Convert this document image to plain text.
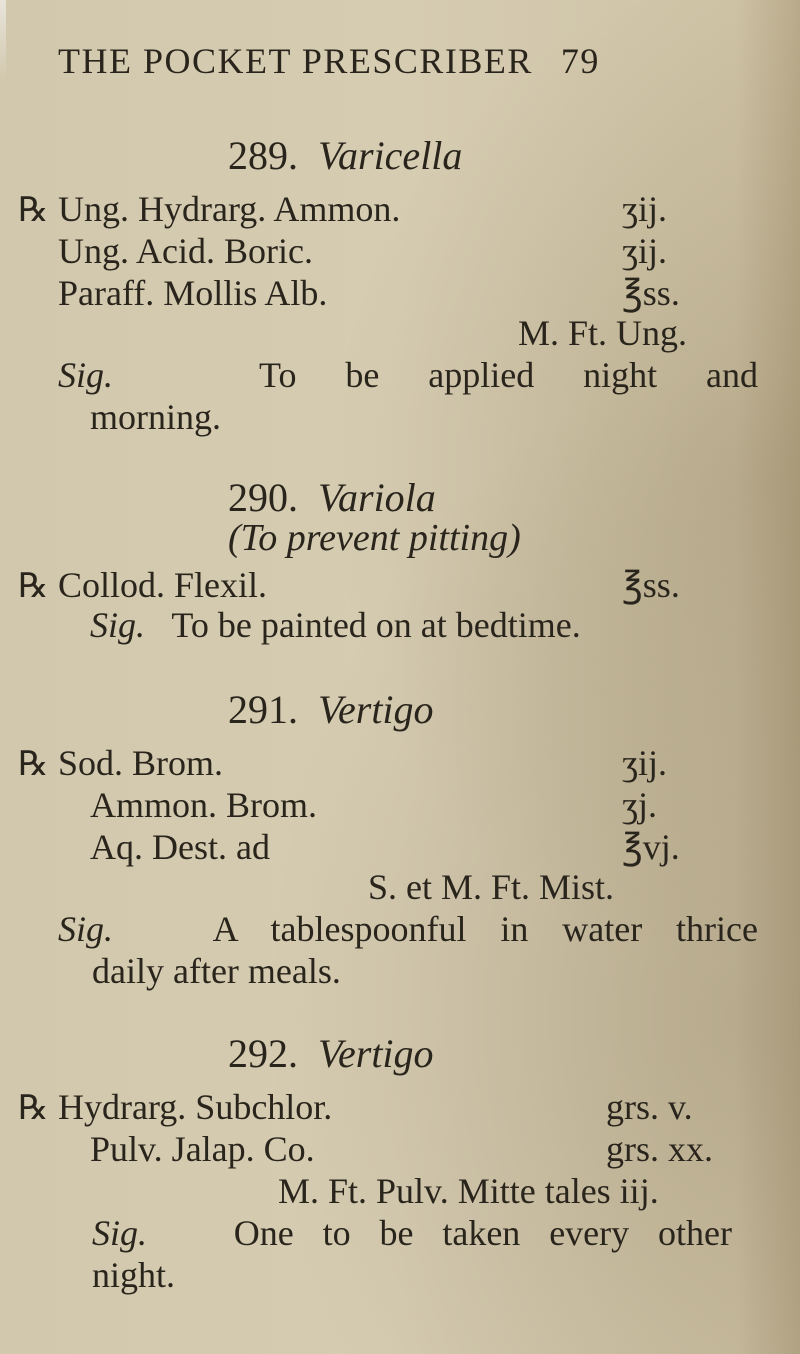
THE POCKET PRESCRIBER 79
289. Varicella
℞ Ung. Hydrarg. Ammon.	ʒij.
Ung. Acid. Boric.	ʒij.
Paraff. Mollis Alb.	℥ss.
M. Ft. Ung.
Sig.	To be applied night and
morning.
290. Variola
(To prevent pitting)
℞ Collod. Flexil.	℥ss.
Sig. To be painted on at bedtime.
291. Vertigo
℞ Sod. Brom.	ʒij.
Ammon. Brom.	ʒj.
Aq. Dest. ad	℥vj.
S. et M. Ft. Mist.
Sig.	A tablespoonful in water thrice
daily after meals.
292. Vertigo
℞ Hydrarg. Subchlor.	grs. v.
Pulv. Jalap. Co.	grs. xx.
M. Ft. Pulv. Mitte tales iij.
Sig. One to be taken every other
night.
